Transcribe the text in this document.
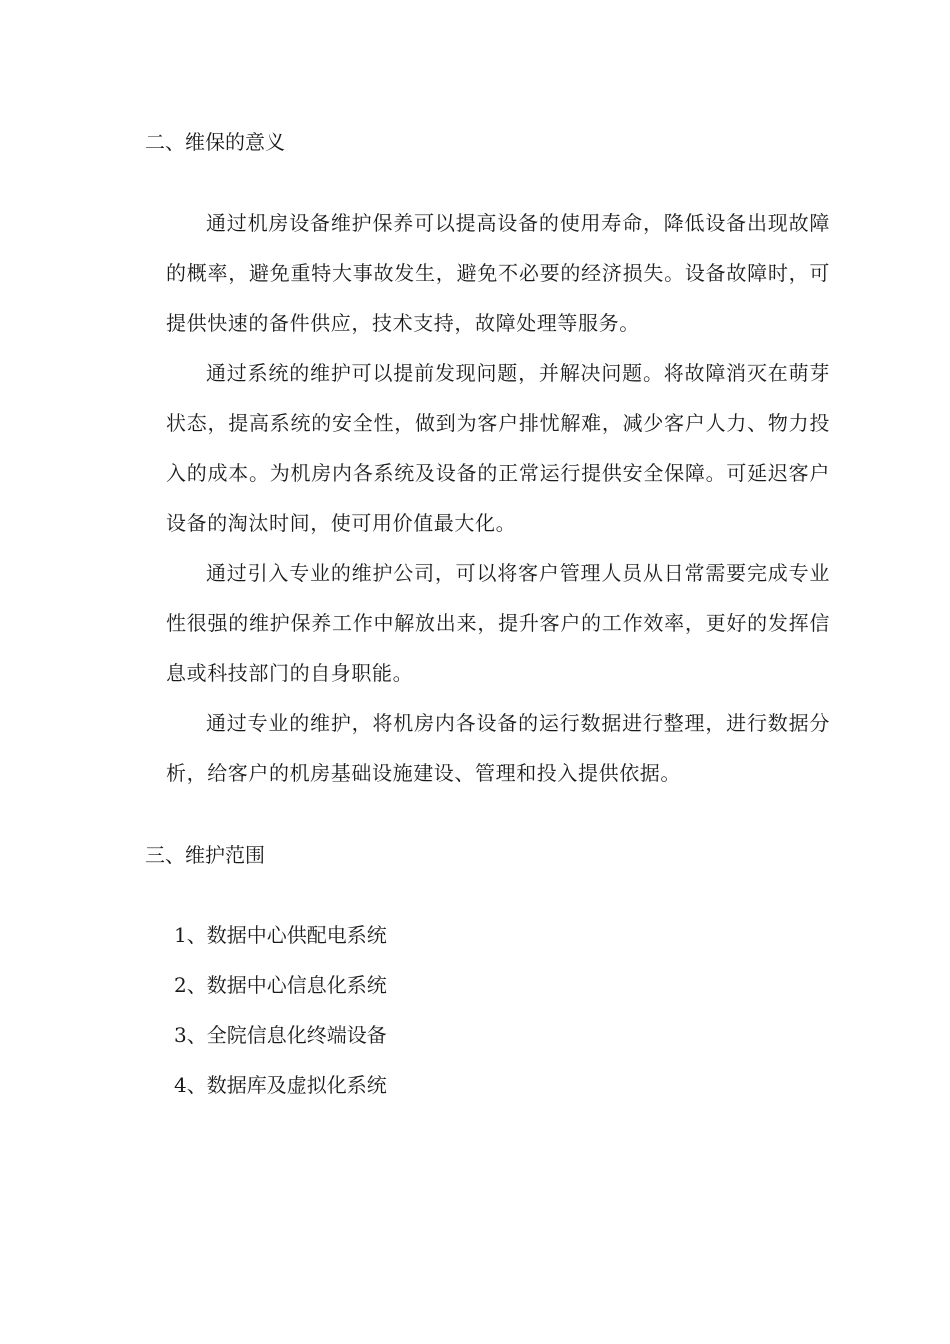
二、维保的意义

通过机房设备维护保养可以提高设备的使用寿命，降低设备出现故障的概率，避免重特大事故发生，避免不必要的经济损失。设备故障时，可提供快速的备件供应，技术支持，故障处理等服务。

通过系统的维护可以提前发现问题，并解决问题。将故障消灭在萌芽状态，提高系统的安全性，做到为客户排忧解难，减少客户人力、物力投入的成本。为机房内各系统及设备的正常运行提供安全保障。可延迟客户设备的淘汰时间，使可用价值最大化。

通过引入专业的维护公司，可以将客户管理人员从日常需要完成专业性很强的维护保养工作中解放出来，提升客户的工作效率，更好的发挥信息或科技部门的自身职能。

通过专业的维护，将机房内各设备的运行数据进行整理，进行数据分析，给客户的机房基础设施建设、管理和投入提供依据。

三、维护范围
1、数据中心供配电系统
2、数据中心信息化系统
3、全院信息化终端设备
4、数据库及虚拟化系统
